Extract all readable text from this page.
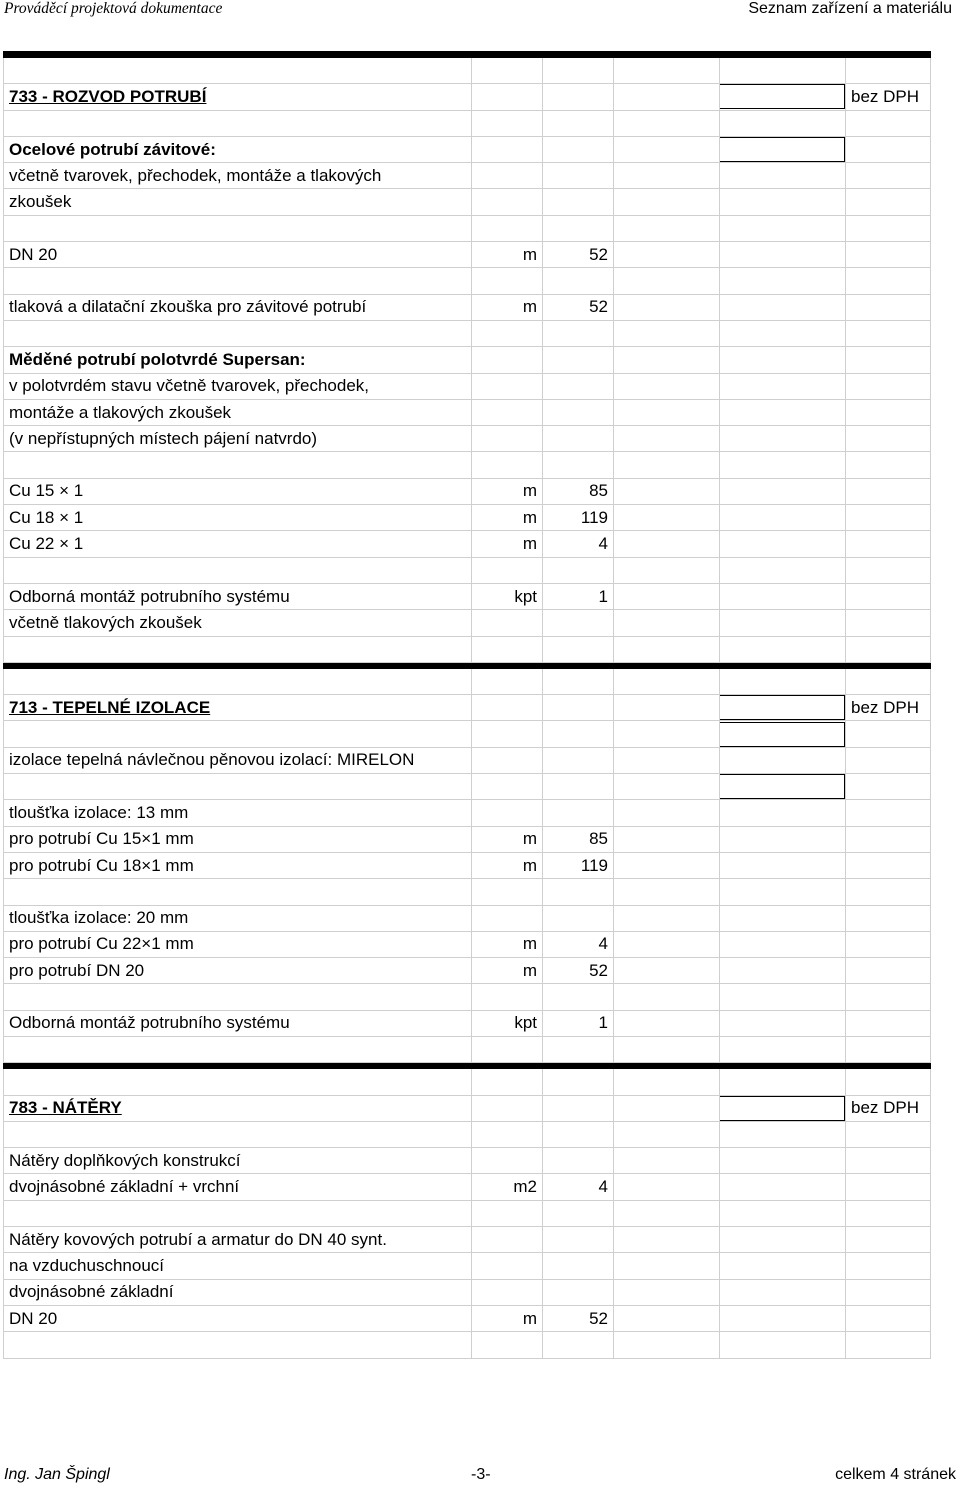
Prováděcí projektová dokumentace	Seznam zařízení a materiálu

733 - ROZVOD POTRUBÍ					bez DPH

Ocelové potrubí závitové:				

včetně tvarovek, přechodek, montáže a tlakových					
zkoušek					

DN 20	m	52			

tlaková a dilatační zkouška pro závitové potrubí	m	52			

Měděné potrubí polotvrdé Supersan:					
v polotvrdém stavu včetně tvarovek, přechodek,					
montáže a tlakových zkoušek					
(v nepřístupných místech pájení natvrdo)					

Cu 15 × 1	m	85			
Cu 18 × 1	m	119			
Cu 22 × 1	m	4			

Odborná montáž potrubního systému	kpt	1			
včetně tlakových zkoušek					

713 - TEPELNÉ IZOLACE					bez DPH

izolace tepelná návlečnou pěnovou izolací: MIRELON					

tloušťka izolace: 13 mm					
pro potrubí Cu 15×1 mm	m	85			
pro potrubí Cu 18×1 mm	m	119			

tloušťka izolace: 20 mm					
pro potrubí Cu 22×1 mm	m	4			
pro potrubí DN 20	m	52			

Odborná montáž potrubního systému	kpt	1			

783 - NÁTĚRY					bez DPH

Nátěry doplňkových konstrukcí					
dvojnásobné základní + vrchní	m2	4			

Nátěry kovových potrubí a armatur do DN 40 synt.					
na vzduchuschnoucí					
dvojnásobné základní					
DN 20	m	52			

Ing. Jan Špingl	-3-	celkem 4 stránek
